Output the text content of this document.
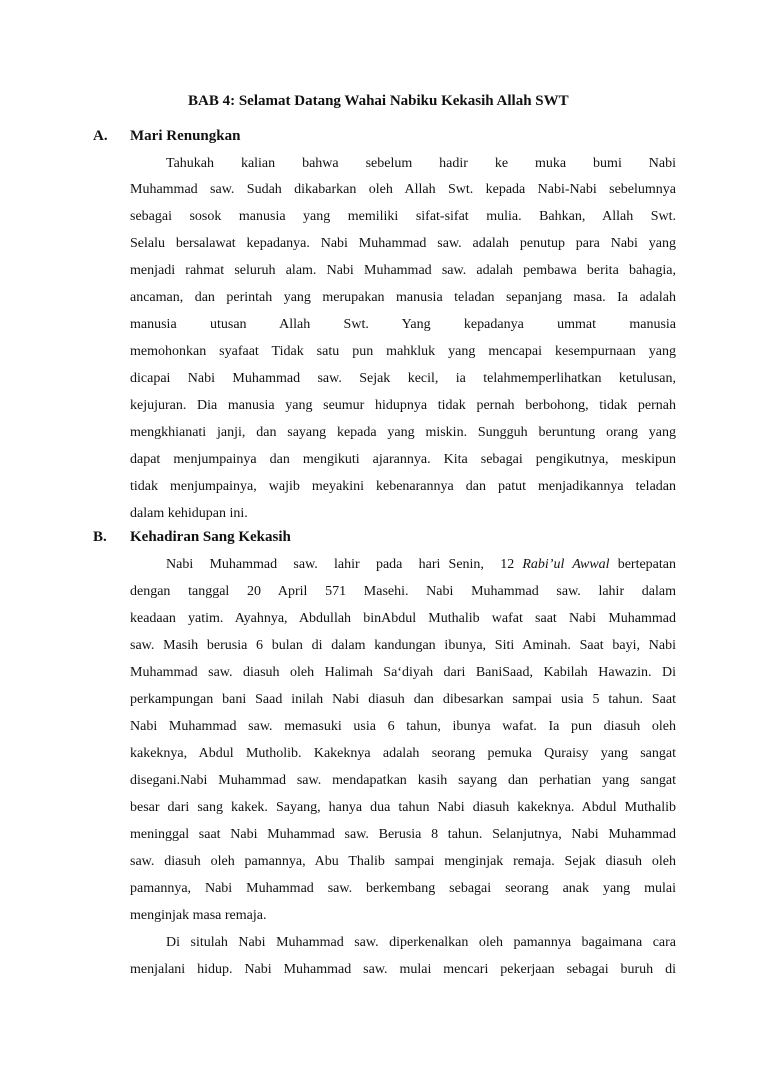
BAB 4: Selamat Datang Wahai Nabiku Kekasih Allah SWT
A. Mari Renungkan
Tahukah kalian bahwa sebelum hadir ke muka bumi Nabi
Muhammad saw. Sudah dikabarkan oleh Allah Swt. kepada Nabi-Nabi sebelumnya
sebagai sosok manusia yang memiliki sifat-sifat mulia. Bahkan, Allah Swt.
Selalu bersalawat kepadanya. Nabi Muhammad saw. adalah penutup para Nabi yang
menjadi rahmat seluruh alam. Nabi Muhammad saw. adalah pembawa berita bahagia,
ancaman, dan perintah yang merupakan manusia teladan sepanjang masa. Ia adalah
manusia utusan Allah Swt. Yang kepadanya ummat manusia
memohonkan syafaat Tidak satu pun mahkluk yang mencapai kesempurnaan yang
dicapai Nabi Muhammad saw. Sejak kecil, ia telahmemperlihatkan ketulusan,
kejujuran. Dia manusia yang seumur hidupnya tidak pernah berbohong, tidak pernah
mengkhianati janji, dan sayang kepada yang miskin. Sungguh beruntung orang yang
dapat menjumpainya dan mengikuti ajarannya. Kita sebagai pengikutnya, meskipun
tidak menjumpainya, wajib meyakini kebenarannya dan patut menjadikannya teladan
dalam kehidupan ini.
B. Kehadiran Sang Kekasih
Nabi  Muhammad  saw.  lahir  pada  hari Senin,  12 Rabi’ul Awwal bertepatan
dengan tanggal 20 April 571 Masehi. Nabi Muhammad saw. lahir dalam
keadaan yatim. Ayahnya, Abdullah binAbdul Muthalib wafat saat Nabi Muhammad
saw. Masih berusia 6 bulan di dalam kandungan ibunya, Siti Aminah. Saat bayi, Nabi
Muhammad saw. diasuh oleh Halimah Sa‘diyah dari BaniSaad, Kabilah Hawazin. Di
perkampungan bani Saad inilah Nabi diasuh dan dibesarkan sampai usia 5 tahun. Saat
Nabi Muhammad saw. memasuki usia 6 tahun, ibunya wafat. Ia pun diasuh oleh
kakeknya, Abdul Mutholib. Kakeknya adalah seorang pemuka Quraisy yang sangat
disegani.Nabi Muhammad saw. mendapatkan kasih sayang dan perhatian yang sangat
besar dari sang kakek. Sayang, hanya dua tahun Nabi diasuh kakeknya. Abdul Muthalib
meninggal saat Nabi Muhammad saw. Berusia 8 tahun. Selanjutnya, Nabi Muhammad
saw. diasuh oleh pamannya, Abu Thalib sampai menginjak remaja. Sejak diasuh oleh
pamannya, Nabi Muhammad saw. berkembang sebagai seorang anak yang mulai
menginjak masa remaja.
Di situlah Nabi Muhammad saw. diperkenalkan oleh pamannya bagaimana cara
menjalani hidup. Nabi Muhammad saw. mulai mencari pekerjaan sebagai buruh di
